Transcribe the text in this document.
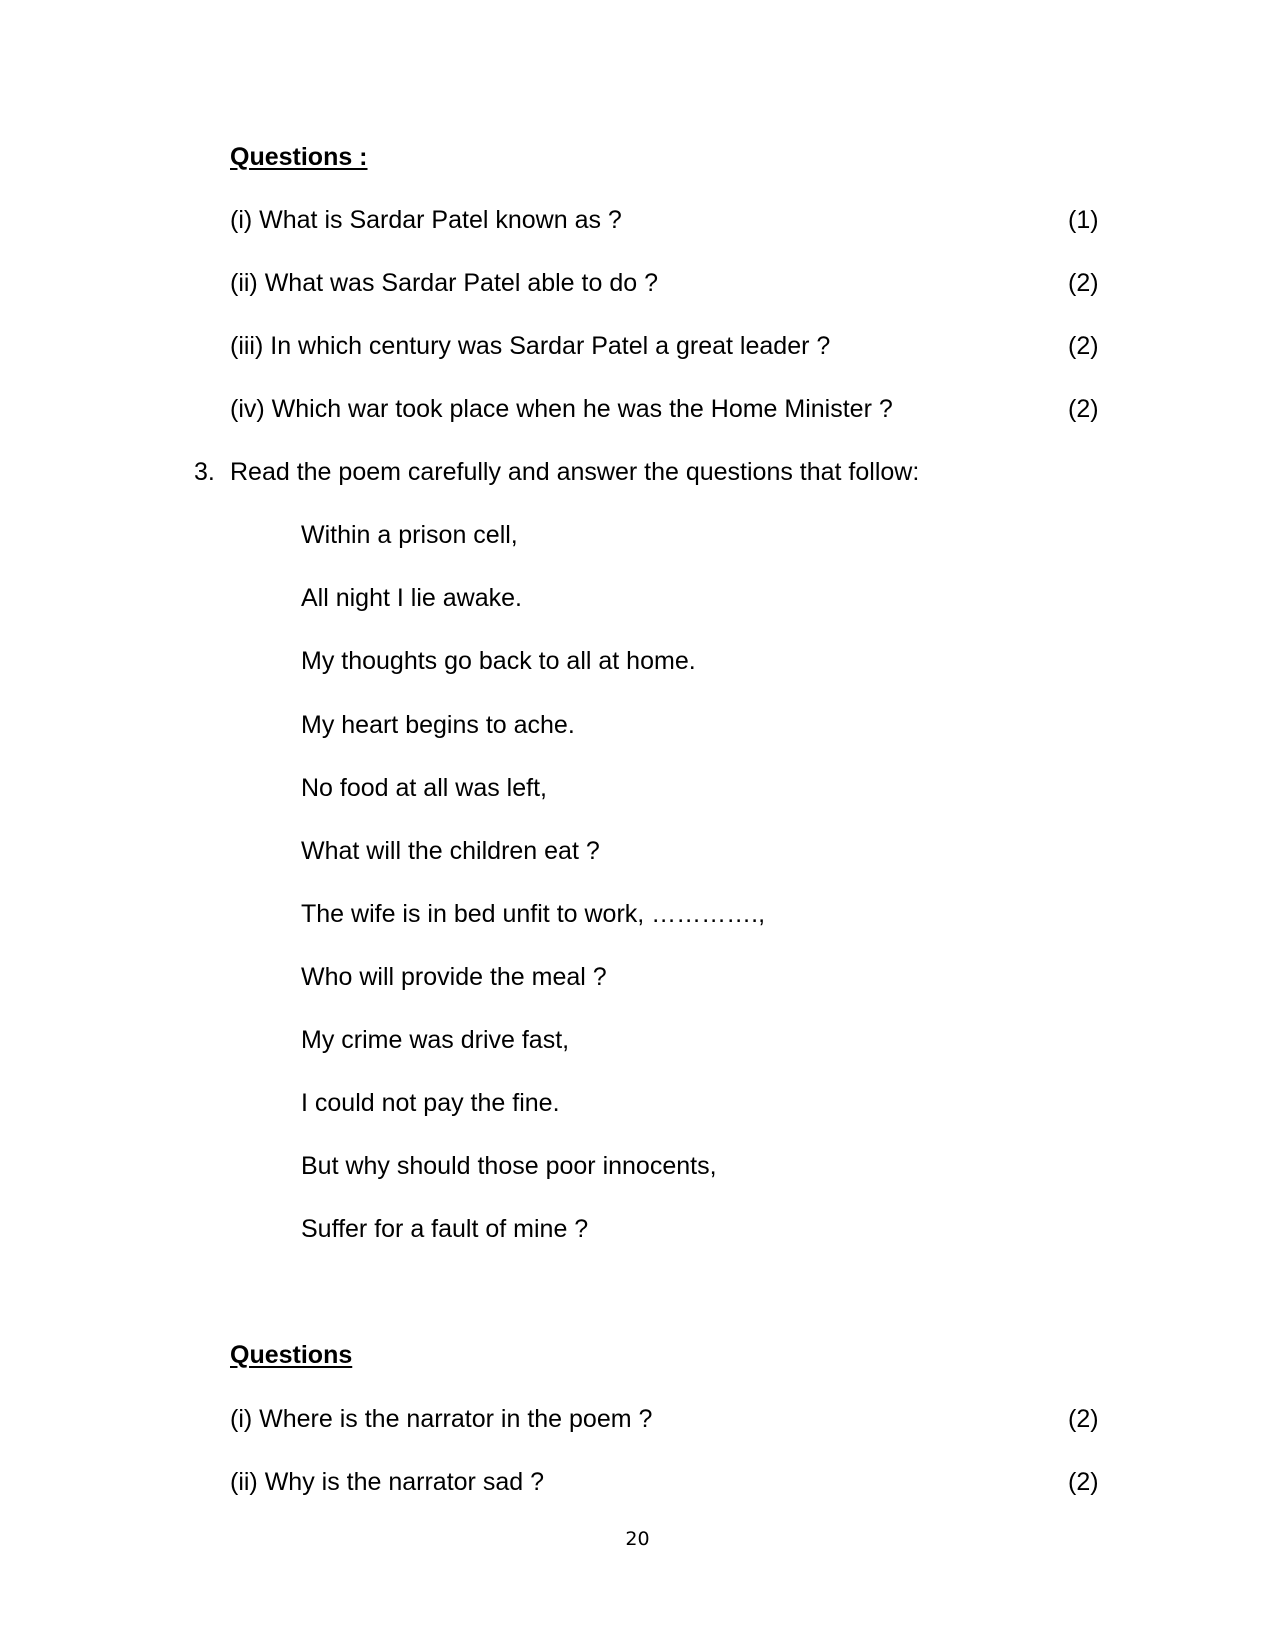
Questions :
(i) What is Sardar Patel known as ?	(1)
(ii) What was Sardar Patel able to do ?	(2)
(iii) In which century was Sardar Patel a great leader ?	(2)
(iv) Which war took place when he was the Home Minister ?	(2)
3. Read the poem carefully and answer the questions that follow:
Within a prison cell,
All night I lie awake.
My thoughts go back to all at home.
My heart begins to ache.
No food at all was left,
What will the children eat ?
The wife is in bed unfit to work, ………….,
Who will provide the meal ?
My crime was drive fast,
I could not pay the fine.
But why should those poor innocents,
Suffer for a fault of mine ?
Questions
(i) Where is the narrator in the poem ?	(2)
(ii) Why is the narrator sad ?	(2)
20
